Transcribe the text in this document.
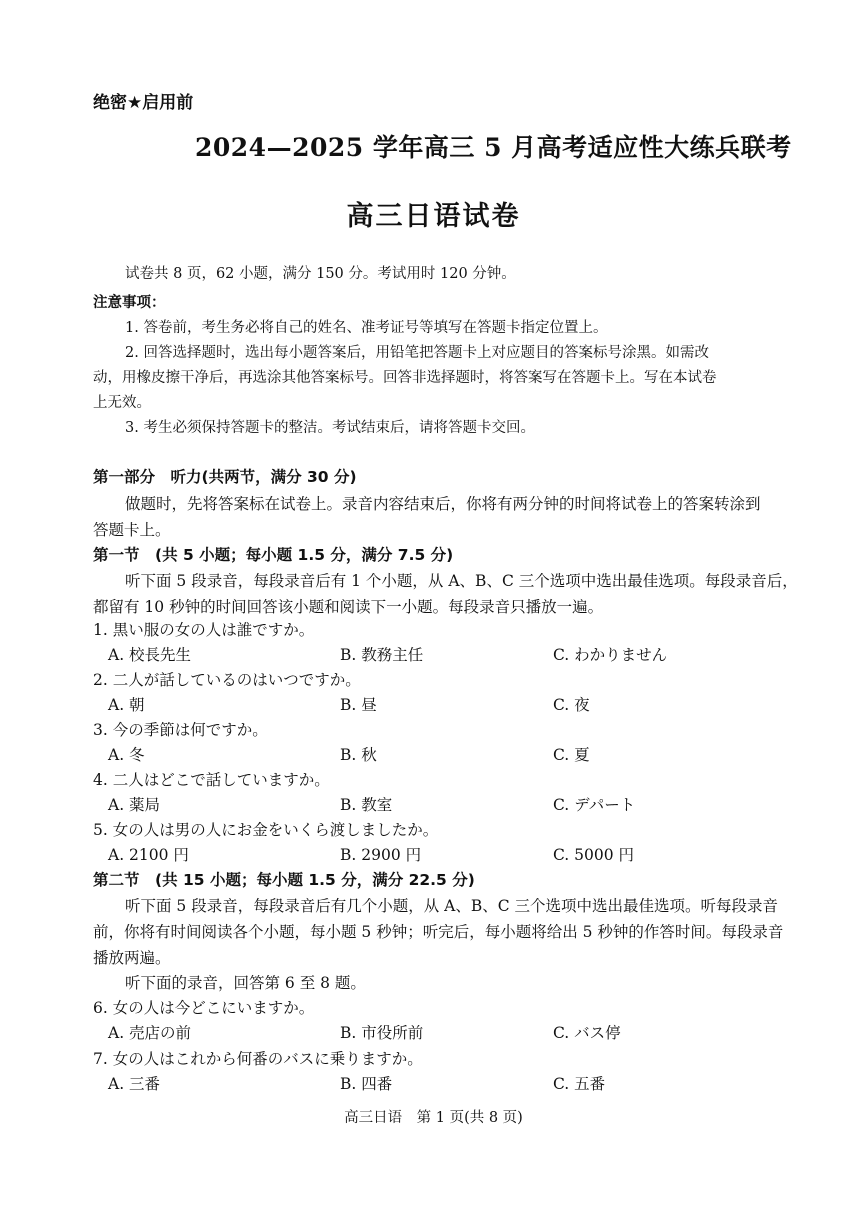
绝密★启用前
2024—2025 学年高三 5 月高考适应性大练兵联考
高三日语试卷
试卷共 8 页，62 小题，满分 150 分。考试用时 120 分钟。
注意事项：
1. 答卷前，考生务必将自己的姓名、准考证号等填写在答题卡指定位置上。
2. 回答选择题时，选出每小题答案后，用铅笔把答题卡上对应题目的答案标号涂黑。如需改
动，用橡皮擦干净后，再选涂其他答案标号。回答非选择题时，将答案写在答题卡上。写在本试卷
上无效。
3. 考生必须保持答题卡的整洁。考试结束后，请将答题卡交回。
第一部分　听力(共两节，满分 30 分)
做题时，先将答案标在试卷上。录音内容结束后，你将有两分钟的时间将试卷上的答案转涂到
答题卡上。
第一节　(共 5 小题；每小题 1.5 分，满分 7.5 分)
听下面 5 段录音，每段录音后有 1 个小题，从 A、B、C 三个选项中选出最佳选项。每段录音后，
都留有 10 秒钟的时间回答该小题和阅读下一小题。每段录音只播放一遍。
1. 黒い服の女の人は誰ですか。
A. 校長先生	B. 教務主任	C. わかりません
2. 二人が話しているのはいつですか。
A. 朝	B. 昼	C. 夜
3. 今の季節は何ですか。
A. 冬	B. 秋	C. 夏
4. 二人はどこで話していますか。
A. 薬局	B. 教室	C. デパート
5. 女の人は男の人にお金をいくら渡しましたか。
A. 2100 円	B. 2900 円	C. 5000 円
第二节　(共 15 小题；每小题 1.5 分，满分 22.5 分)
听下面 5 段录音，每段录音后有几个小题，从 A、B、C 三个选项中选出最佳选项。听每段录音
前，你将有时间阅读各个小题，每小题 5 秒钟；听完后，每小题将给出 5 秒钟的作答时间。每段录音
播放两遍。
听下面的录音，回答第 6 至 8 题。
6. 女の人は今どこにいますか。
A. 売店の前	B. 市役所前	C. バス停
7. 女の人はこれから何番のバスに乗りますか。
A. 三番	B. 四番	C. 五番
高三日语　第 1 页(共 8 页)
